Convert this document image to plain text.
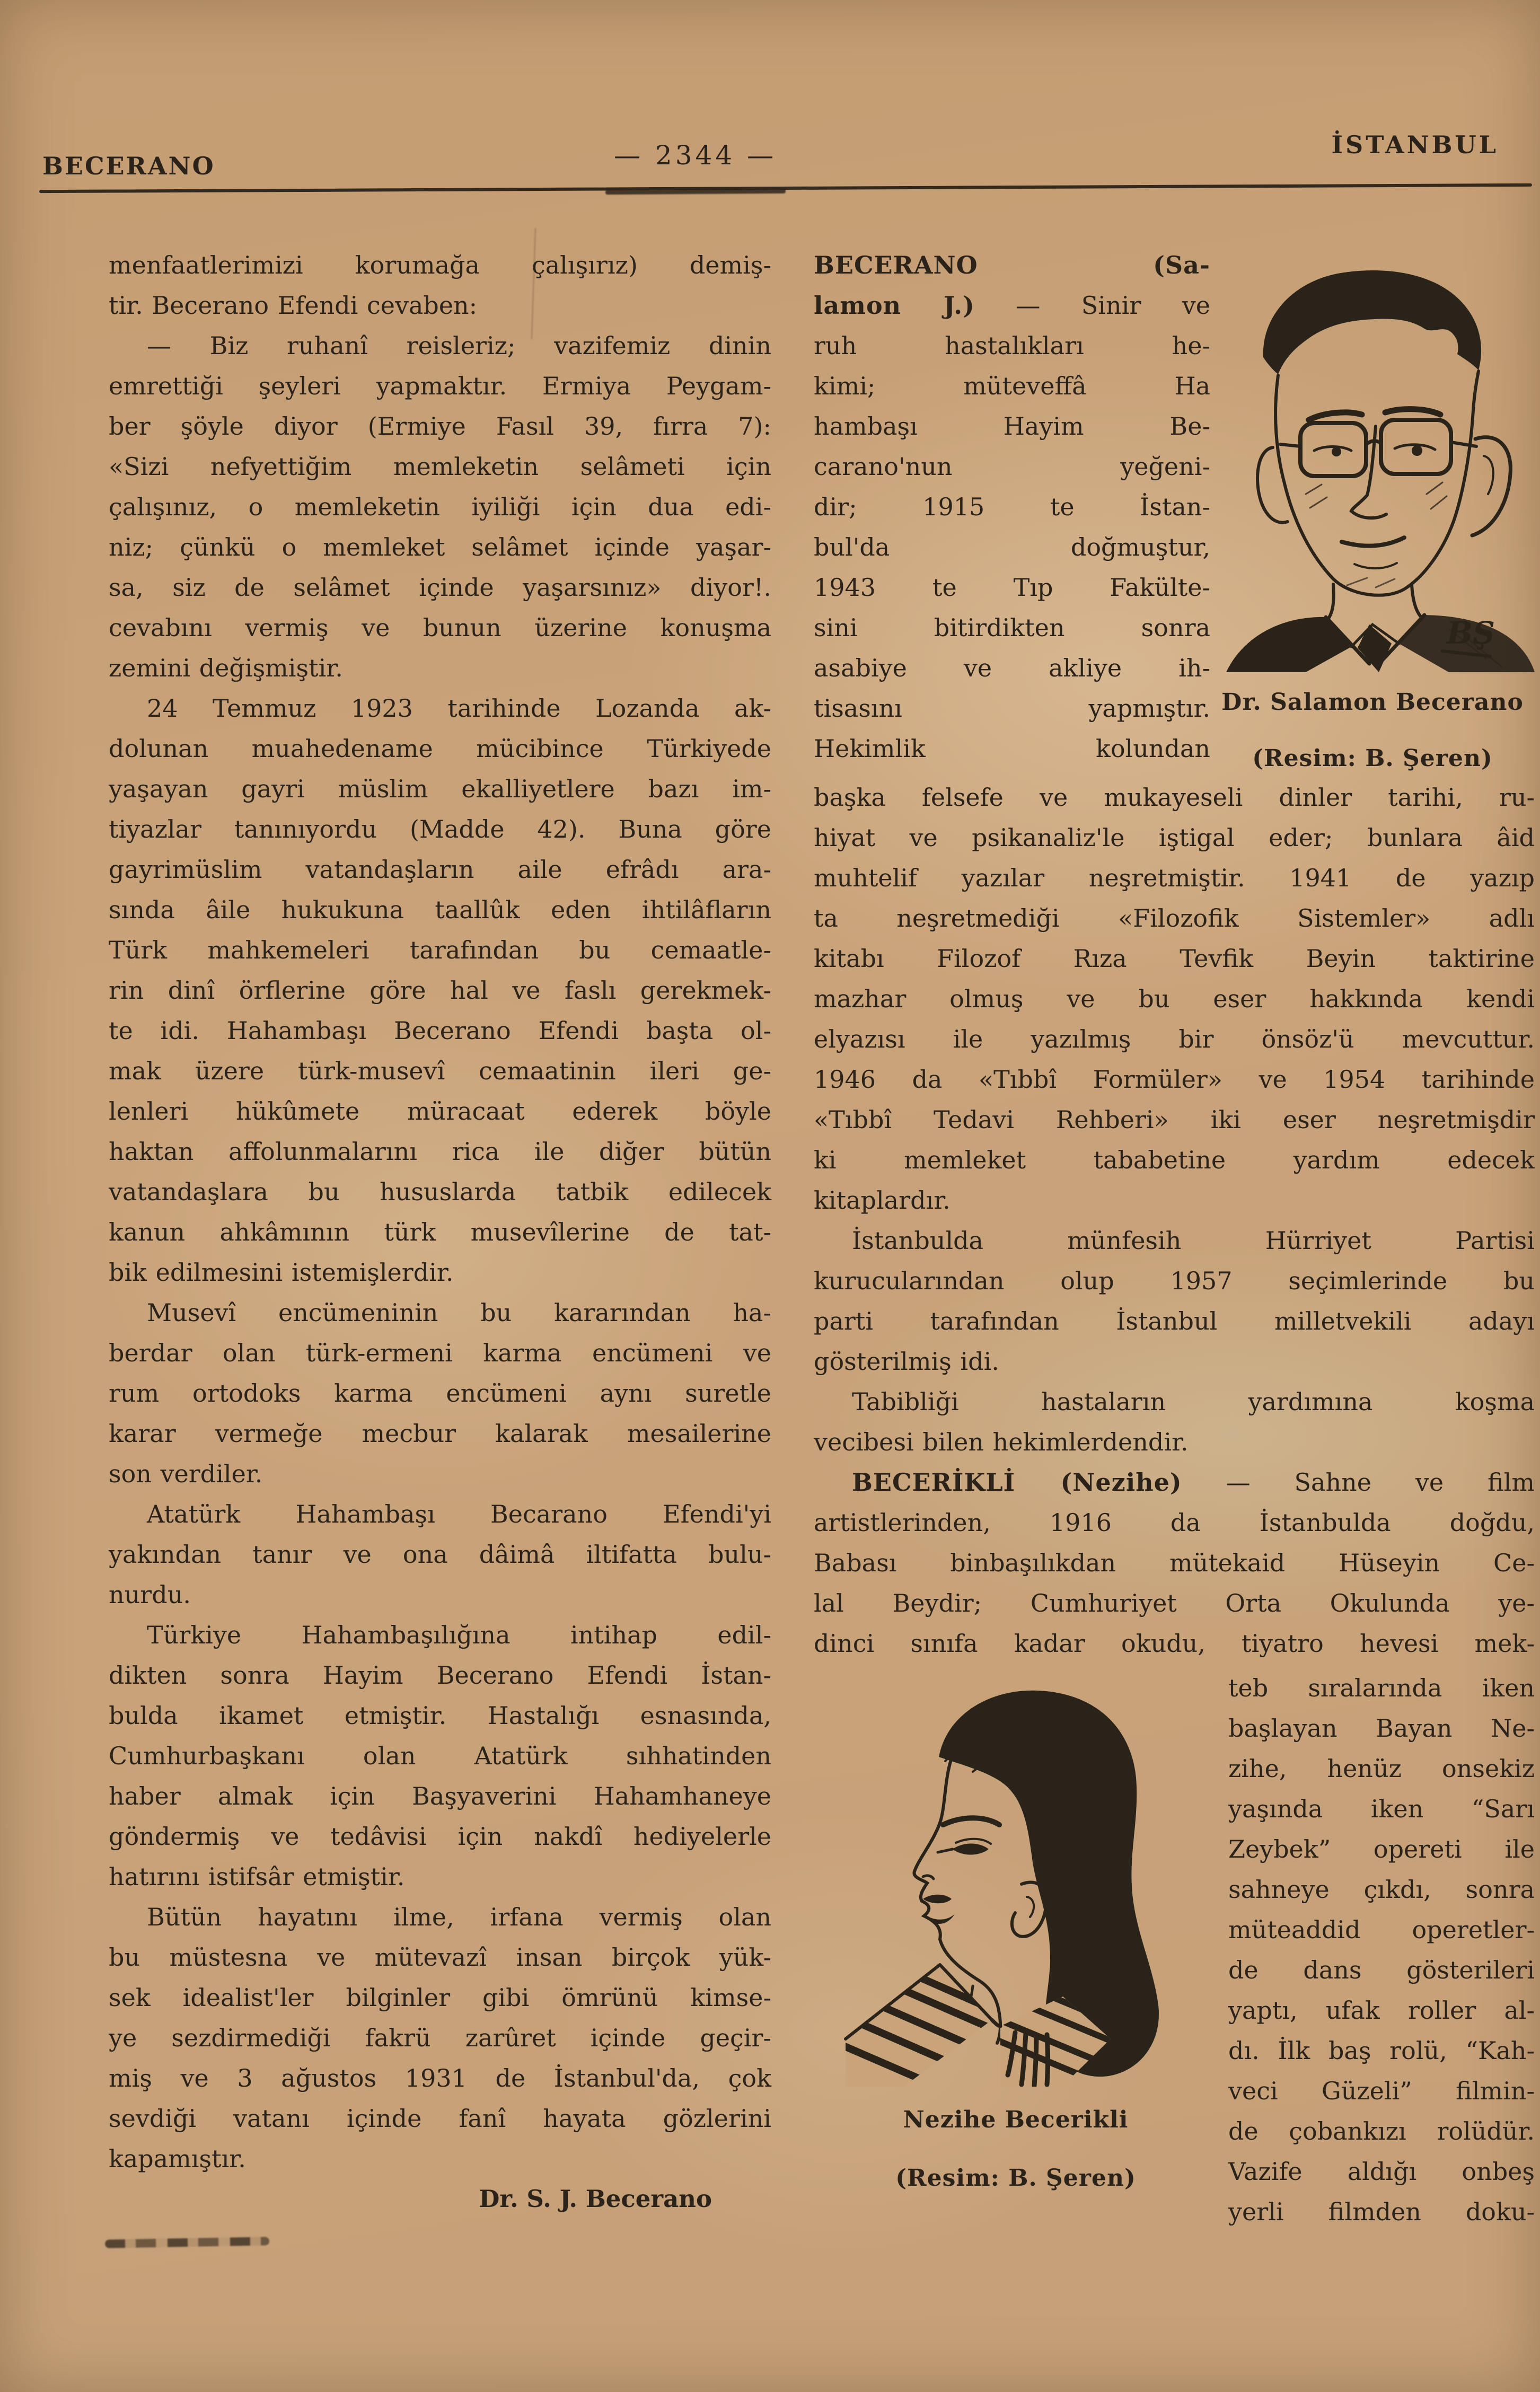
BECERANO	— 2344 —	İSTANBUL
menfaatlerimizi korumağa çalışırız) demiş-
tir. Becerano Efendi cevaben:
— Biz ruhanî reisleriz; vazifemiz dinin
emrettiği şeyleri yapmaktır. Ermiya Peygam-
ber şöyle diyor (Ermiye Fasıl 39, fırra 7):
«Sizi nefyettiğim memleketin selâmeti için
çalışınız, o memleketin iyiliği için dua edi-
niz; çünkü o memleket selâmet içinde yaşar-
sa, siz de selâmet içinde yaşarsınız» diyor!.
cevabını vermiş ve bunun üzerine konuşma
zemini değişmiştir.
24 Temmuz 1923 tarihinde Lozanda ak-
dolunan muahedename mücibince Türkiyede
yaşayan gayri müslim ekalliyetlere bazı im-
tiyazlar tanınıyordu (Madde 42). Buna göre
gayrimüslim vatandaşların aile efrâdı ara-
sında âile hukukuna taallûk eden ihtilâfların
Türk mahkemeleri tarafından bu cemaatle-
rin dinî örflerine göre hal ve faslı gerekmek-
te idi. Hahambaşı Becerano Efendi başta ol-
mak üzere türk-musevî cemaatinin ileri ge-
lenleri hükûmete müracaat ederek böyle
haktan affolunmalarını rica ile diğer bütün
vatandaşlara bu hususlarda tatbik edilecek
kanun ahkâmının türk musevîlerine de tat-
bik edilmesini istemişlerdir.
Musevî encümeninin bu kararından ha-
berdar olan türk-ermeni karma encümeni ve
rum ortodoks karma encümeni aynı suretle
karar vermeğe mecbur kalarak mesailerine
son verdiler.
Atatürk Hahambaşı Becarano Efendi'yi
yakından tanır ve ona dâimâ iltifatta bulu-
nurdu.
Türkiye Hahambaşılığına intihap edil-
dikten sonra Hayim Becerano Efendi İstan-
bulda ikamet etmiştir. Hastalığı esnasında,
Cumhurbaşkanı olan Atatürk sıhhatinden
haber almak için Başyaverini Hahamhaneye
göndermiş ve tedâvisi için nakdî hediyelerle
hatırını istifsâr etmiştir.
Bütün hayatını ilme, irfana vermiş olan
bu müstesna ve mütevazî insan birçok yük-
sek idealist'ler bilginler gibi ömrünü kimse-
ye sezdirmediği fakrü zarûret içinde geçir-
miş ve 3 ağustos 1931 de İstanbul'da, çok
sevdiği vatanı içinde fanî hayata gözlerini
kapamıştır.
Dr. S. J. Becerano
BECERANO (Sa-
lamon J.) — Sinir ve
ruh hastalıkları he-
kimi; müteveffâ Ha
hambaşı Hayim Be-
carano'nun yeğeni-
dir; 1915 te İstan-
bul'da doğmuştur,
1943 te Tıp Fakülte-
sini bitirdikten sonra
asabiye ve akliye ih-
tisasını yapmıştır.
Hekimlik kolundan
BŞ
Dr. Salamon Becerano
(Resim: B. Şeren)
başka felsefe ve mukayeseli dinler tarihi, ru-
hiyat ve psikanaliz'le iştigal eder; bunlara âid
muhtelif yazılar neşretmiştir. 1941 de yazıp
ta neşretmediği «Filozofik Sistemler» adlı
kitabı Filozof Rıza Tevfik Beyin taktirine
mazhar olmuş ve bu eser hakkında kendi
elyazısı ile yazılmış bir önsöz'ü mevcuttur.
1946 da «Tıbbî Formüler» ve 1954 tarihinde
«Tıbbî Tedavi Rehberi» iki eser neşretmişdir
ki memleket tababetine yardım edecek
kitaplardır.
İstanbulda münfesih Hürriyet Partisi
kurucularından olup 1957 seçimlerinde bu
parti tarafından İstanbul milletvekili adayı
gösterilmiş idi.
Tabibliği hastaların yardımına koşma
vecibesi bilen hekimlerdendir.
BECERİKLİ (Nezihe) — Sahne ve film
artistlerinden, 1916 da İstanbulda doğdu,
Babası binbaşılıkdan mütekaid Hüseyin Ce-
lal Beydir; Cumhuriyet Orta Okulunda ye-
dinci sınıfa kadar okudu, tiyatro hevesi mek-
BŞ
Nezihe Becerikli
(Resim: B. Şeren)
teb sıralarında iken
başlayan Bayan Ne-
zihe, henüz onsekiz
yaşında iken “Sarı
Zeybek” opereti ile
sahneye çıkdı, sonra
müteaddid operetler-
de dans gösterileri
yaptı, ufak roller al-
dı. İlk baş rolü, “Kah-
veci Güzeli” filmin-
de çobankızı rolüdür.
Vazife aldığı onbeş
yerli filmden doku-
